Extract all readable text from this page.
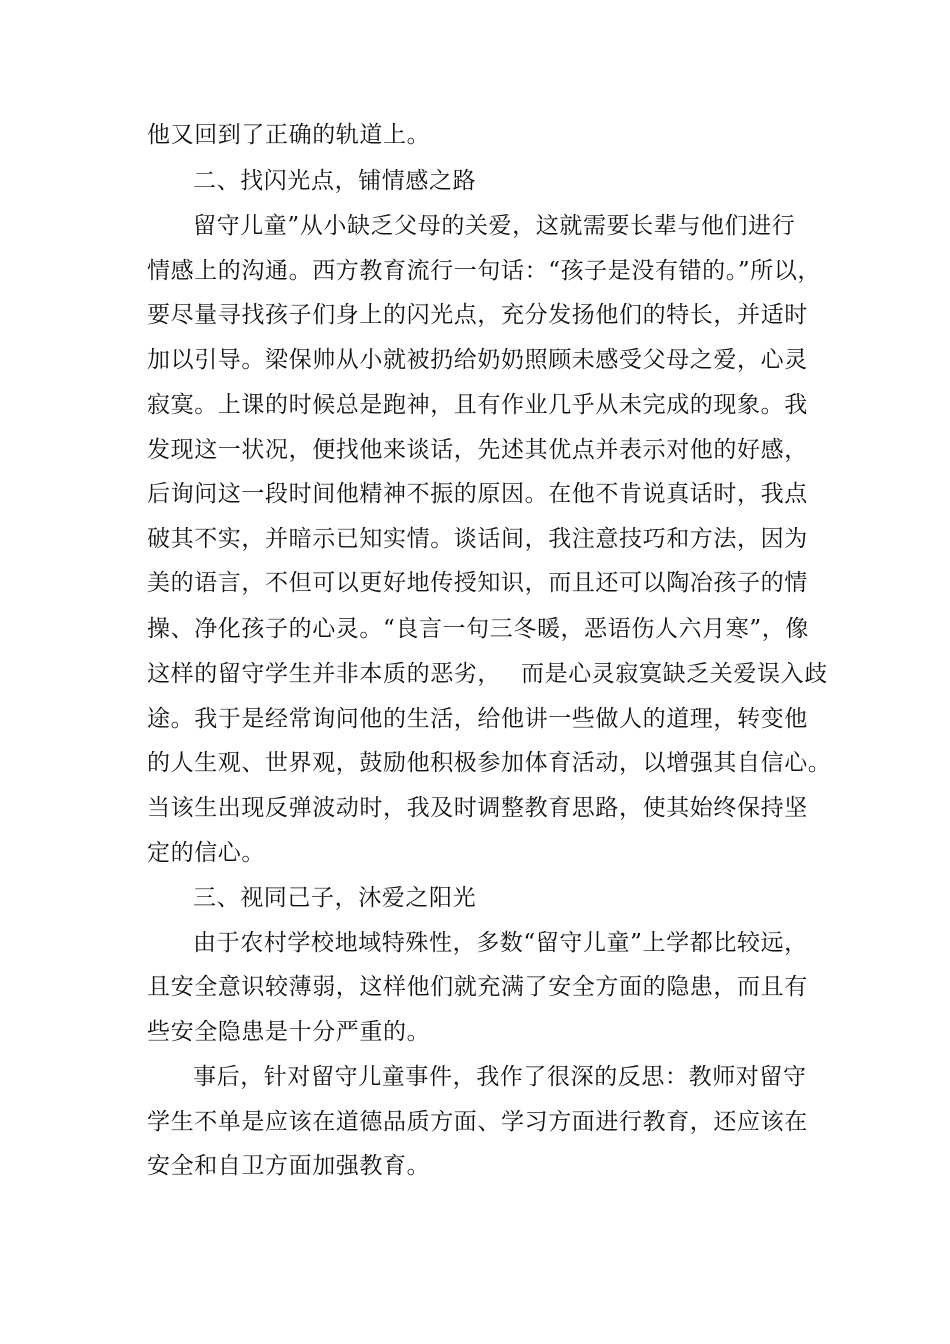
他又回到了正确的轨道上。
二、找闪光点，铺情感之路
留守儿童”从小缺乏父母的关爱，这就需要长辈与他们进行
情感上的沟通。西方教育流行一句话：“孩子是没有错的。”所以，
要尽量寻找孩子们身上的闪光点，充分发扬他们的特长，并适时
加以引导。梁保帅从小就被扔给奶奶照顾未感受父母之爱，心灵
寂寞。上课的时候总是跑神，且有作业几乎从未完成的现象。我
发现这一状况，便找他来谈话，先述其优点并表示对他的好感，
后询问这一段时间他精神不振的原因。在他不肯说真话时，我点
破其不实，并暗示已知实情。谈话间，我注意技巧和方法，因为
美的语言，不但可以更好地传授知识，而且还可以陶冶孩子的情
操、净化孩子的心灵。“良言一句三冬暖，恶语伤人六月寒”，像
这样的留守学生并非本质的恶劣，　 而是心灵寂寞缺乏关爱误入歧
途。我于是经常询问他的生活，给他讲一些做人的道理，转变他
的人生观、世界观，鼓励他积极参加体育活动，以增强其自信心。
当该生出现反弹波动时，我及时调整教育思路，使其始终保持坚
定的信心。
三、视同己子，沐爱之阳光
由于农村学校地域特殊性，多数“留守儿童”上学都比较远，
且安全意识较薄弱，这样他们就充满了安全方面的隐患，而且有
些安全隐患是十分严重的。
事后，针对留守儿童事件，我作了很深的反思：教师对留守
学生不单是应该在道德品质方面、学习方面进行教育，还应该在
安全和自卫方面加强教育。
